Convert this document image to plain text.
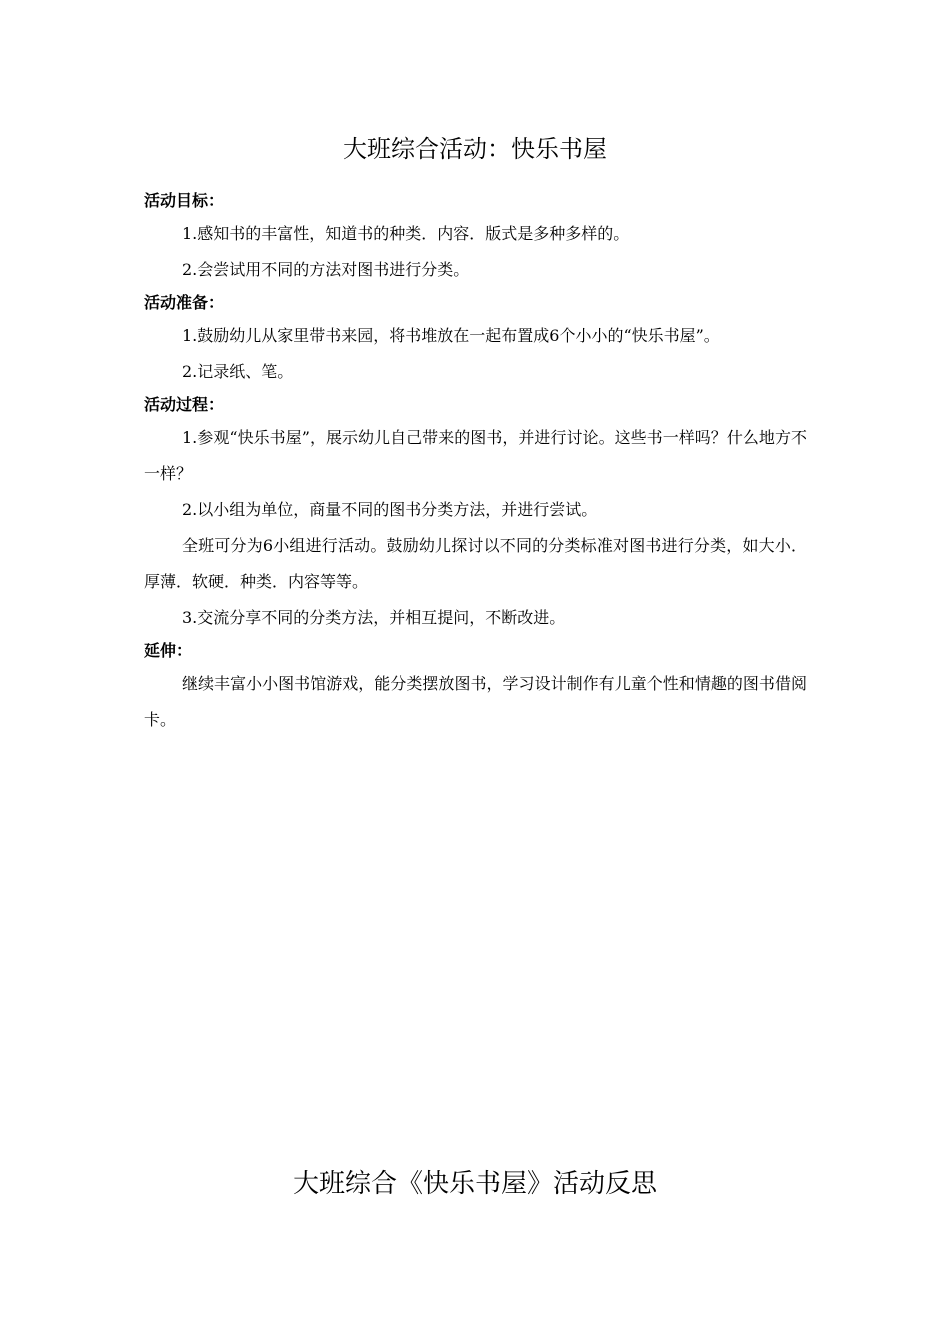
大班综合活动：快乐书屋
活动目标：

1.感知书的丰富性，知道书的种类．内容．版式是多种多样的。

2.会尝试用不同的方法对图书进行分类。

活动准备：

1.鼓励幼儿从家里带书来园，将书堆放在一起布置成6个小小的“快乐书屋”。

2.记录纸、笔。

活动过程：

1.参观“快乐书屋”，展示幼儿自己带来的图书，并进行讨论。这些书一样吗？什么地方不一样？

2.以小组为单位，商量不同的图书分类方法，并进行尝试。

全班可分为6小组进行活动。鼓励幼儿探讨以不同的分类标准对图书进行分类，如大小．厚薄．软硬．种类．内容等等。

3.交流分享不同的分类方法，并相互提问，不断改进。

延伸：

继续丰富小小图书馆游戏，能分类摆放图书，学习设计制作有儿童个性和情趣的图书借阅卡。

大班综合《快乐书屋》活动反思
